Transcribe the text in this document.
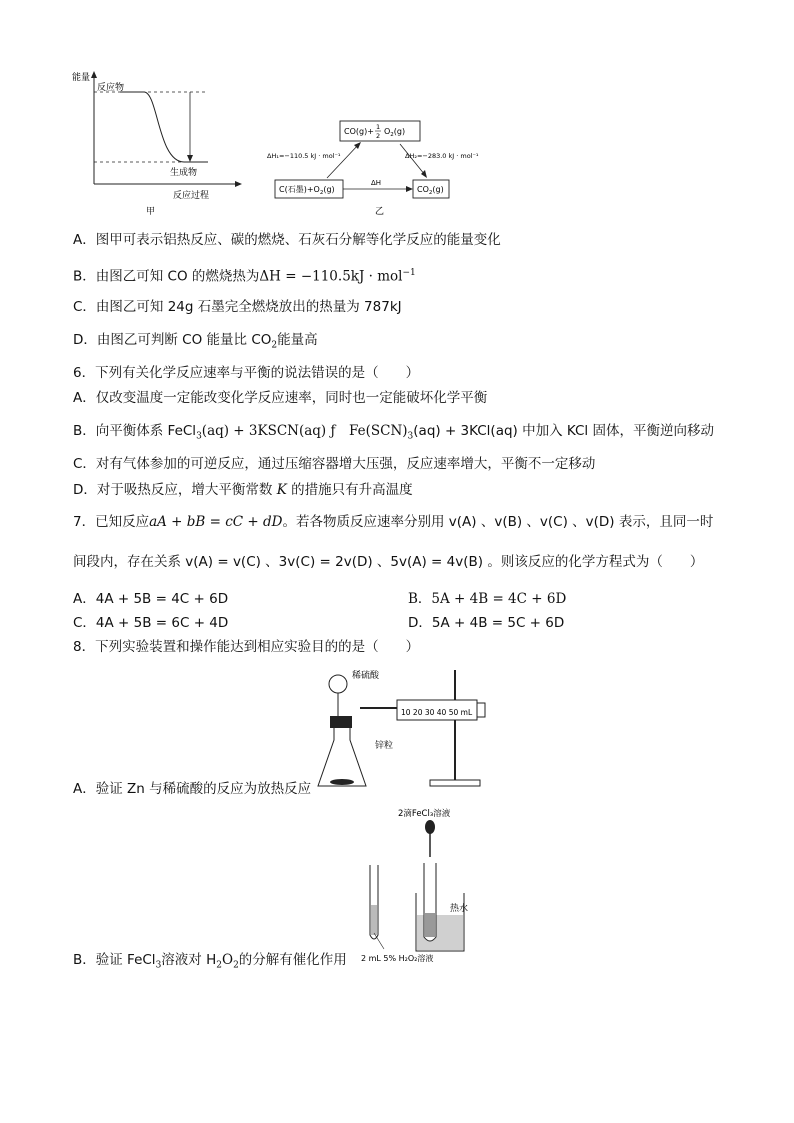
能量
反应物
生成物
反应过程
甲
CO(g)+ 1
2 $O_2(g)$
C(石墨)$+O_2(g)$	$CO_2(g)$
ΔH₁=−110.5 kJ · mol⁻¹	ΔH₂=−283.0 kJ · mol⁻¹
ΔH
乙
A．图甲可表示铝热反应、碳的燃烧、石灰石分解等化学反应的能量变化
B．由图乙可知 CO 的燃烧热为ΔH = −110.5kJ · mol$^{-1}$
C．由图乙可知 24g 石墨完全燃烧放出的热量为 787kJ
D．由图乙可判断 CO 能量比 $CO_2$能量高
6．下列有关化学反应速率与平衡的说法错误的是（　　）
A．仅改变温度一定能改变化学反应速率，同时也一定能破坏化学平衡
B．向平衡体系 FeCl$_3$(aq) + 3KSCN(aq) ƒ　$Fe(SCN)_3(aq) + 3KCl(aq)$ 中加入 KCl 固体，平衡逆向移动
C．对有气体参加的可逆反应，通过压缩容器增大压强，反应速率增大，平衡不一定移动
D．对于吸热反应，增大平衡常数 K 的措施只有升高温度
7．已知反应aA + bB = cC + dD。若各物质反应速率分别用 v(A) 、v(B) 、v(C) 、v(D) 表示，且同一时
间段内，存在关系 v(A) = v(C) 、3v(C) = 2v(D) 、5v(A) = 4v(B) 。则该反应的化学方程式为（　　）
A．4A + 5B = 4C + 6D	B．5A + 4B = 4C + 6D
C．4A + 5B = 6C + 4D	D．5A + 4B = 5C + 6D
8．下列实验装置和操作能达到相应实验目的的是（　　）
10 20 30 40 50 mL
稀硫酸
锌粒
A．验证 Zn 与稀硫酸的反应为放热反应
2滴FeCl₃溶液
热水
2 mL 5% H₂O₂溶液
B．验证 FeCl$_3$溶液对 $H_2O_2$的分解有催化作用
